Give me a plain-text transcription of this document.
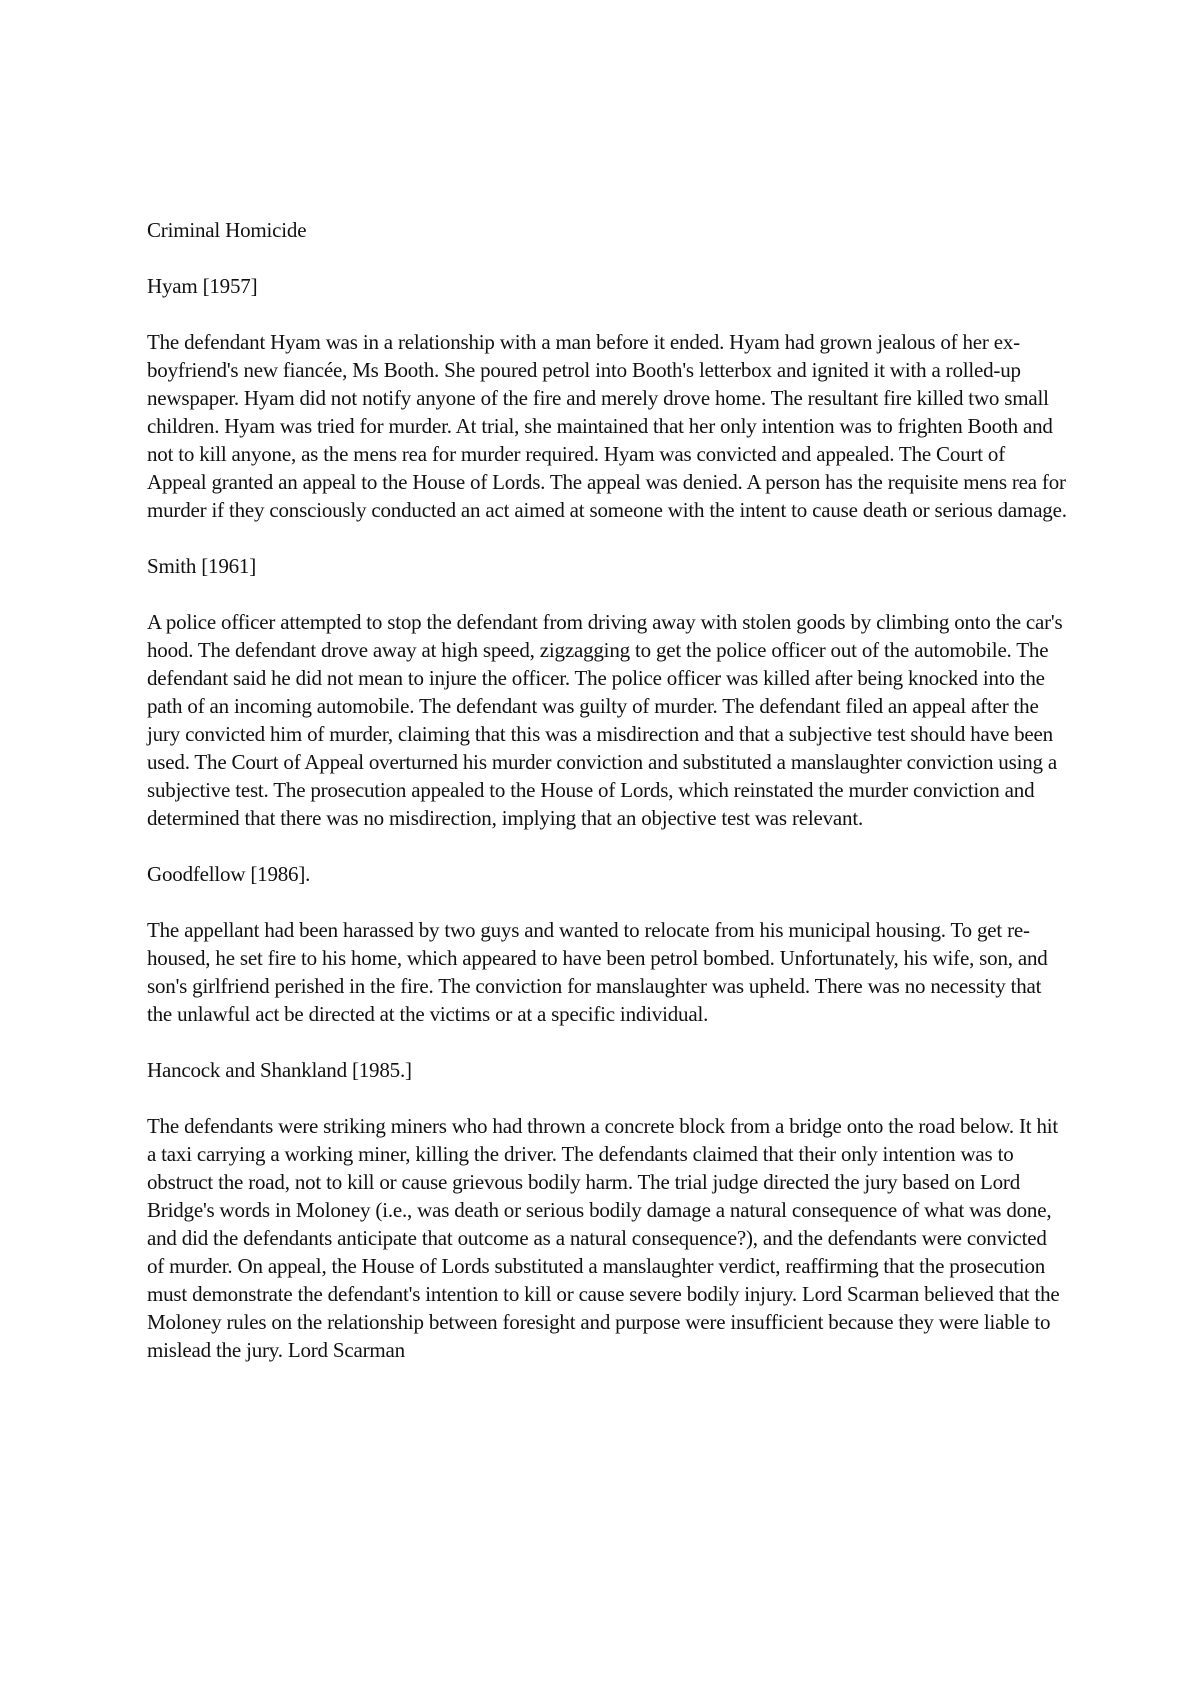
Criminal Homicide

Hyam [1957]

The defendant Hyam was in a relationship with a man before it ended. Hyam had grown jealous of her ex-boyfriend's new fiancée, Ms Booth. She poured petrol into Booth's letterbox and ignited it with a rolled-up newspaper. Hyam did not notify anyone of the fire and merely drove home. The resultant fire killed two small children. Hyam was tried for murder. At trial, she maintained that her only intention was to frighten Booth and not to kill anyone, as the mens rea for murder required. Hyam was convicted and appealed. The Court of Appeal granted an appeal to the House of Lords. The appeal was denied. A person has the requisite mens rea for murder if they consciously conducted an act aimed at someone with the intent to cause death or serious damage.

Smith [1961]

A police officer attempted to stop the defendant from driving away with stolen goods by climbing onto the car's hood. The defendant drove away at high speed, zigzagging to get the police officer out of the automobile. The defendant said he did not mean to injure the officer. The police officer was killed after being knocked into the path of an incoming automobile. The defendant was guilty of murder. The defendant filed an appeal after the jury convicted him of murder, claiming that this was a misdirection and that a subjective test should have been used. The Court of Appeal overturned his murder conviction and substituted a manslaughter conviction using a subjective test. The prosecution appealed to the House of Lords, which reinstated the murder conviction and determined that there was no misdirection, implying that an objective test was relevant.

Goodfellow [1986].

The appellant had been harassed by two guys and wanted to relocate from his municipal housing. To get re-housed, he set fire to his home, which appeared to have been petrol bombed. Unfortunately, his wife, son, and son's girlfriend perished in the fire. The conviction for manslaughter was upheld. There was no necessity that the unlawful act be directed at the victims or at a specific individual.

Hancock and Shankland [1985.]

The defendants were striking miners who had thrown a concrete block from a bridge onto the road below. It hit a taxi carrying a working miner, killing the driver. The defendants claimed that their only intention was to obstruct the road, not to kill or cause grievous bodily harm. The trial judge directed the jury based on Lord Bridge's words in Moloney (i.e., was death or serious bodily damage a natural consequence of what was done, and did the defendants anticipate that outcome as a natural consequence?), and the defendants were convicted of murder. On appeal, the House of Lords substituted a manslaughter verdict, reaffirming that the prosecution must demonstrate the defendant's intention to kill or cause severe bodily injury. Lord Scarman believed that the Moloney rules on the relationship between foresight and purpose were insufficient because they were liable to mislead the jury. Lord Scarman
